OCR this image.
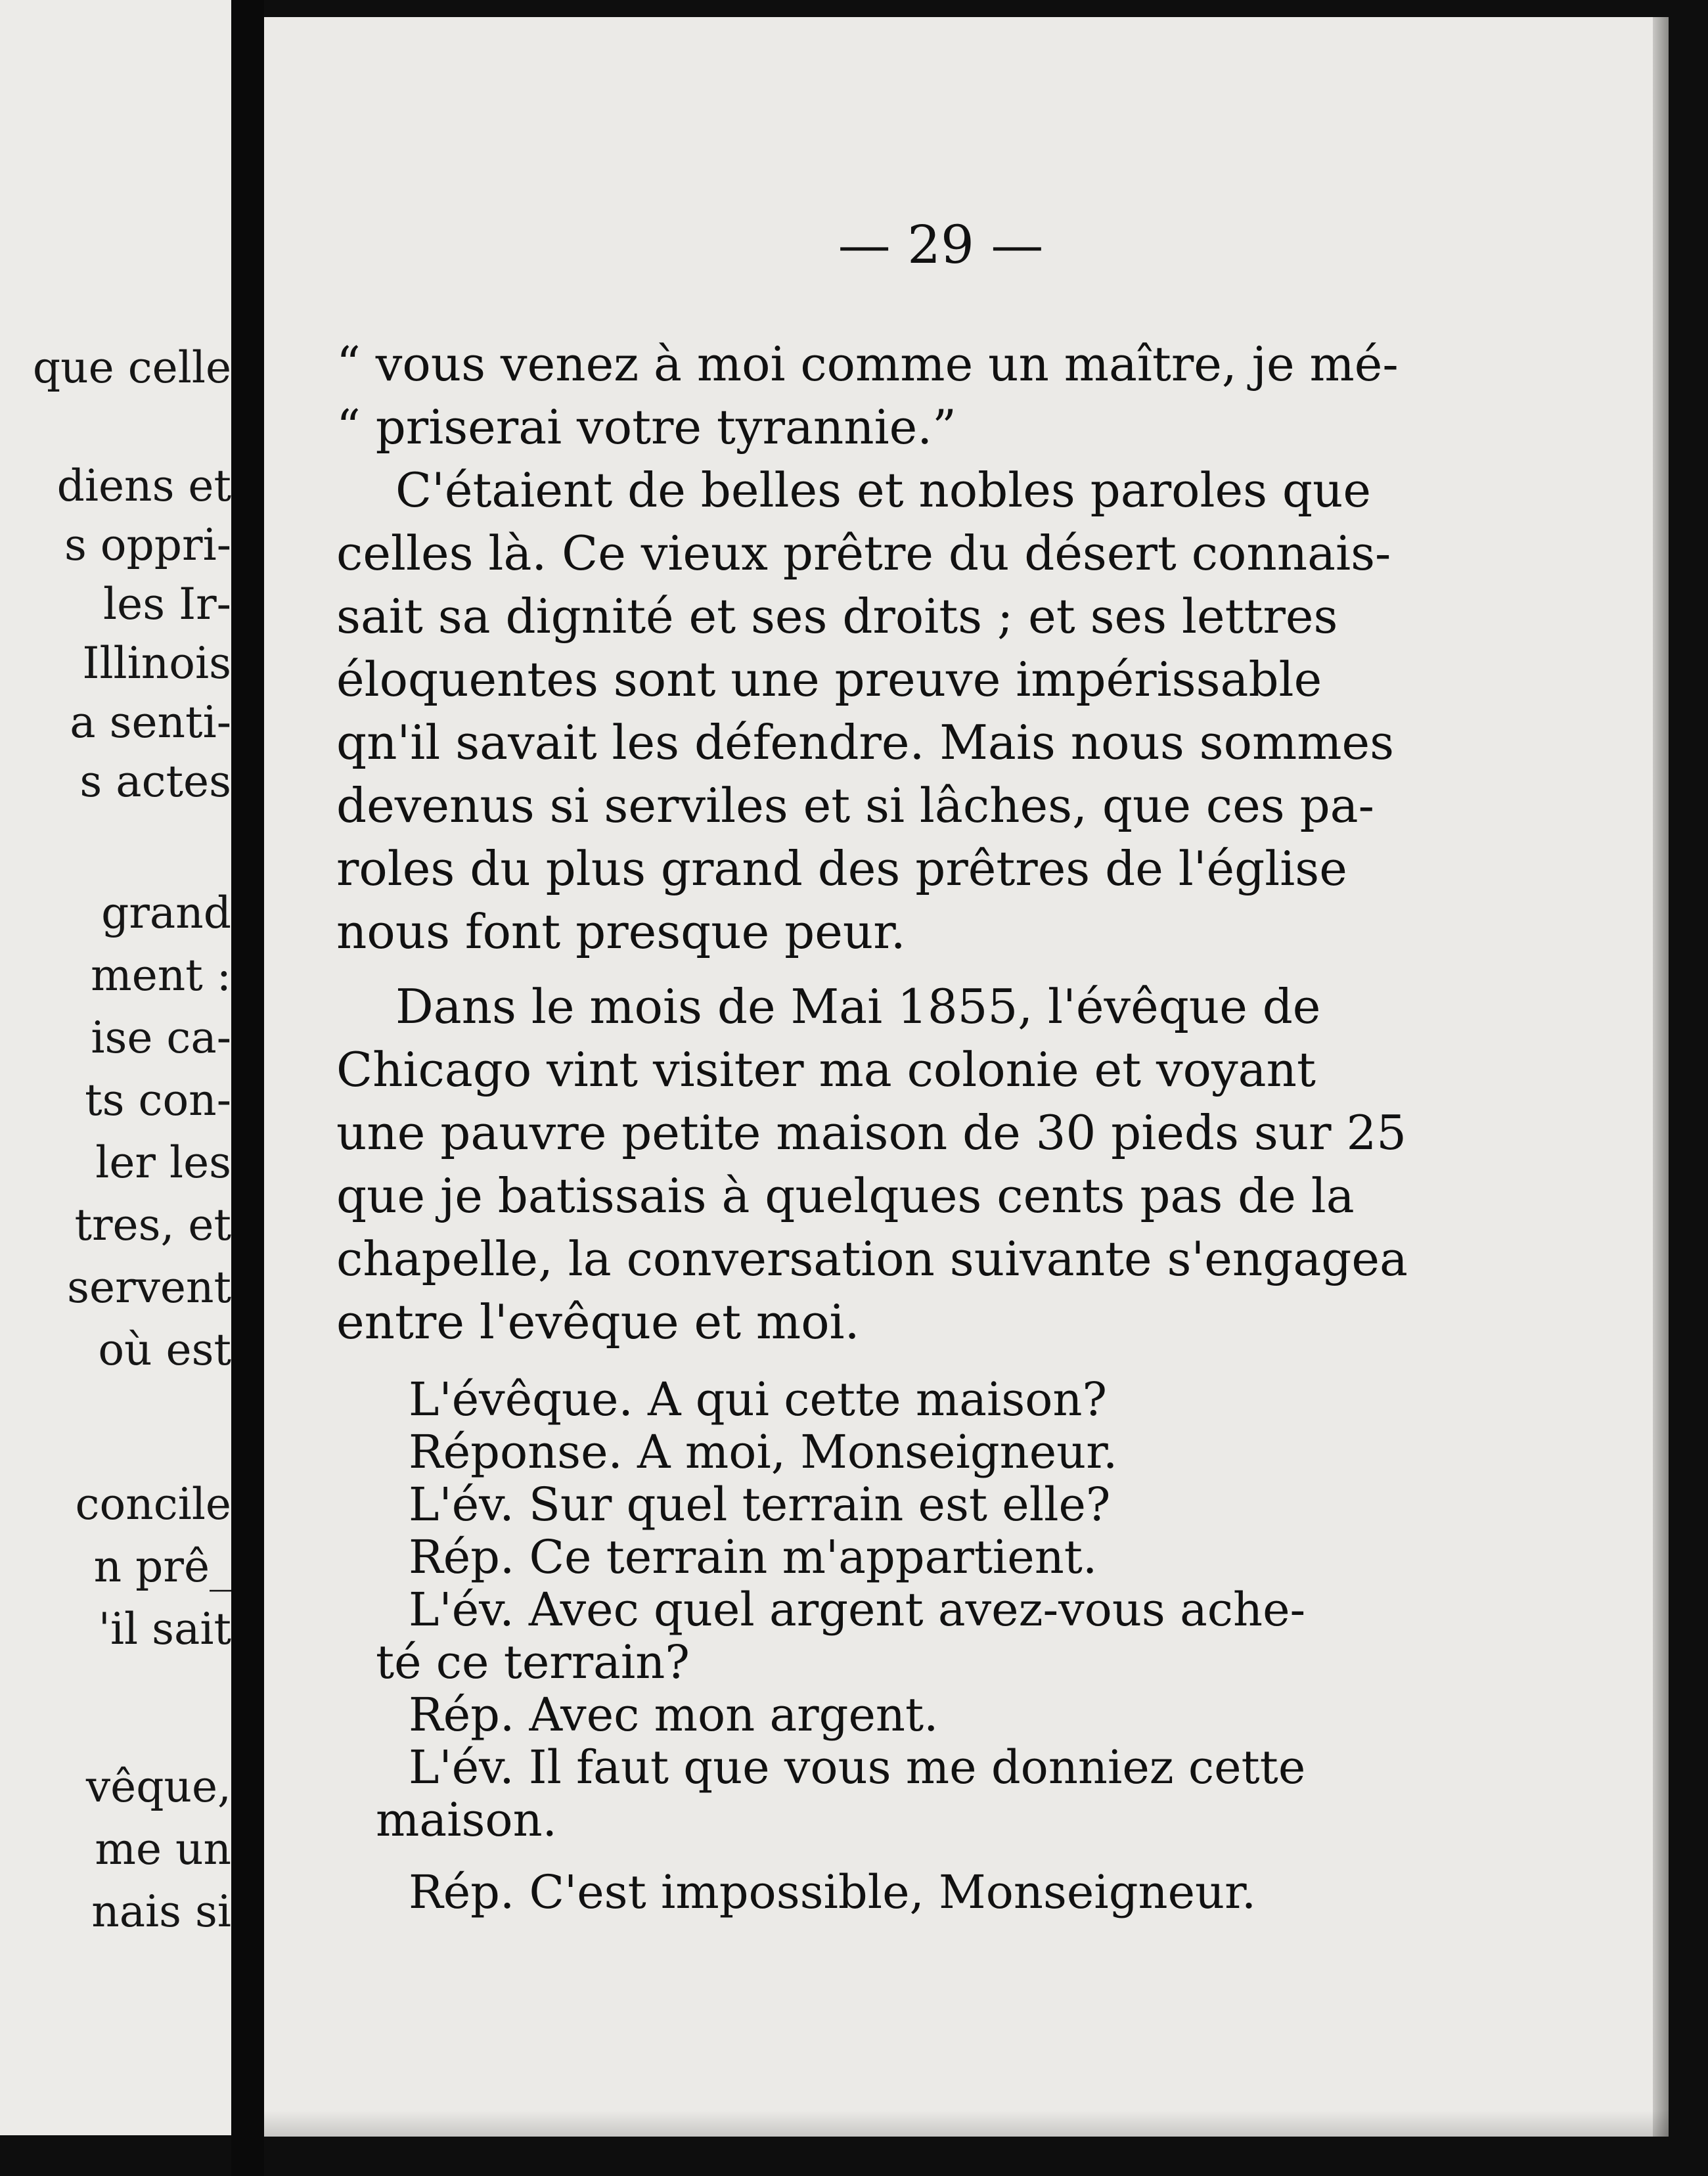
que celle
diens et
s oppri-
les Ir-
Illinois
a senti-
s actes
grand
ment :
ise ca-
ts con-
ler les
tres, et
servent
où est
concile
n prê_
'il sait
vêque,
me un
nais si
— 29 —

“ vous venez à moi comme un maître, je mé-

“ priserai votre tyrannie.”

C'étaient de belles et nobles paroles que

celles là. Ce vieux prêtre du désert connais-

sait sa dignité et ses droits ; et ses lettres

éloquentes sont une preuve impérissable

qn'il savait les défendre. Mais nous sommes

devenus si serviles et si lâches, que ces pa-

roles du plus grand des prêtres de l'église

nous font presque peur.

Dans le mois de Mai 1855, l'évêque de

Chicago vint visiter ma colonie et voyant

une pauvre petite maison de 30 pieds sur 25

que je batissais à quelques cents pas de la

chapelle, la conversation suivante s'engagea

entre l'evêque et moi.

L'évêque. A qui cette maison?

Réponse. A moi, Monseigneur.

L'év. Sur quel terrain est elle?

Rép. Ce terrain m'appartient.

L'év. Avec quel argent avez-vous ache-

té ce terrain?

Rép. Avec mon argent.

L'év. Il faut que vous me donniez cette

maison.

Rép. C'est impossible, Monseigneur.
